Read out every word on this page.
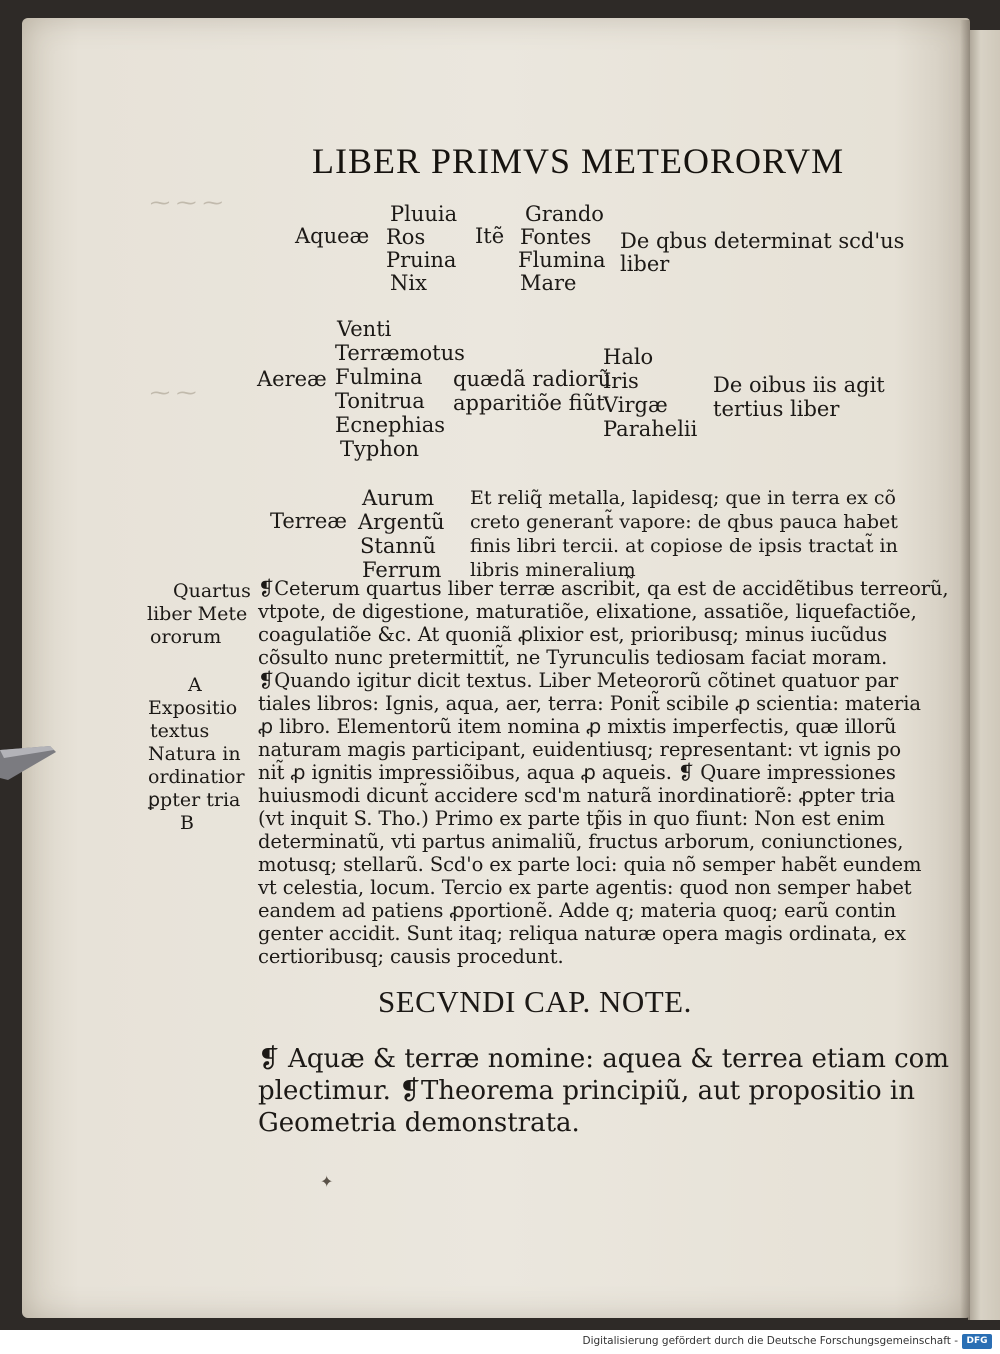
⁓ ⁓ ⁓
⁓ ⁓
LIBER PRIMVS METEORORVM
Aqueæ
Pluuia
Ros
Pruina
Nix
Itẽ
Grando
Fontes
Flumina
Mare
De qbus determinat scd'us
liber
Aereæ
Venti
Terræmotus
Fulmina
Tonitrua
Ecnephias
Typhon
quædã radiorũ
apparitiõe fiũt
Halo
Iris
Virgæ
Parahelii
De oibus iis agit
tertius liber
Terreæ
Aurum
Argentũ
Stannũ
Ferrum
Et reliq̃ metalla, lapidesq; que in terra ex cõ
creto generant̃ vapore: de qbus pauca habet
finis libri tercii. at copiose de ipsis tractat̃ in
libris mineralium
Quartus
liber Mete
ororum
A
Expositio
textus
Natura in
ordinatior
ꝑpter tria
B
❡Ceterum quartus liber terræ ascribit̃, qa est de accidẽtibus terreorũ,
vtpote, de digestione, maturatiõe, elixatione, assatiõe, liquefactiõe,
coagulatiõe &c. At quoniã ꝓlixior est, prioribusq; minus iucũdus
cõsulto nunc pretermittit̃, ne Tyrunculis tediosam faciat moram.
❡Quando igitur dicit textus. Liber Meteororũ cõtinet quatuor par
tiales libros: Ignis, aqua, aer, terra: Ponit̃ scibile ꝓ scientia: materia
ꝓ libro. Elementorũ item nomina ꝓ mixtis imperfectis, quæ illorũ
naturam magis participant, euidentiusq; representant: vt ignis po
nit̃ ꝓ ignitis impressiõibus, aqua ꝓ aqueis. ❡ Quare impressiones
huiusmodi dicunt̃ accidere scd'm naturã inordinatiorẽ: ꝓpter tria
(vt inquit S. Tho.) Primo ex parte tp̃is in quo fiunt: Non est enim
determinatũ, vti partus animaliũ, fructus arborum, coniunctiones,
motusq; stellarũ. Scd'o ex parte loci: quia nõ semper habẽt eundem
vt celestia, locum. Tercio ex parte agentis: quod non semper habet
eandem ad patiens ꝓportionẽ. Adde q; materia quoq; earũ contin
genter accidit. Sunt itaq; reliqua naturæ opera magis ordinata, ex
certioribusq; causis procedunt.
SECVNDI CAP. NOTE.
❡ Aquæ & terræ nomine: aquea & terrea etiam com
plectimur. ❡Theorema principiũ, aut propositio in
Geometria demonstrata.
✦
Digitalisierung gefördert durch die Deutsche Forschungsgemeinschaft - DFG
